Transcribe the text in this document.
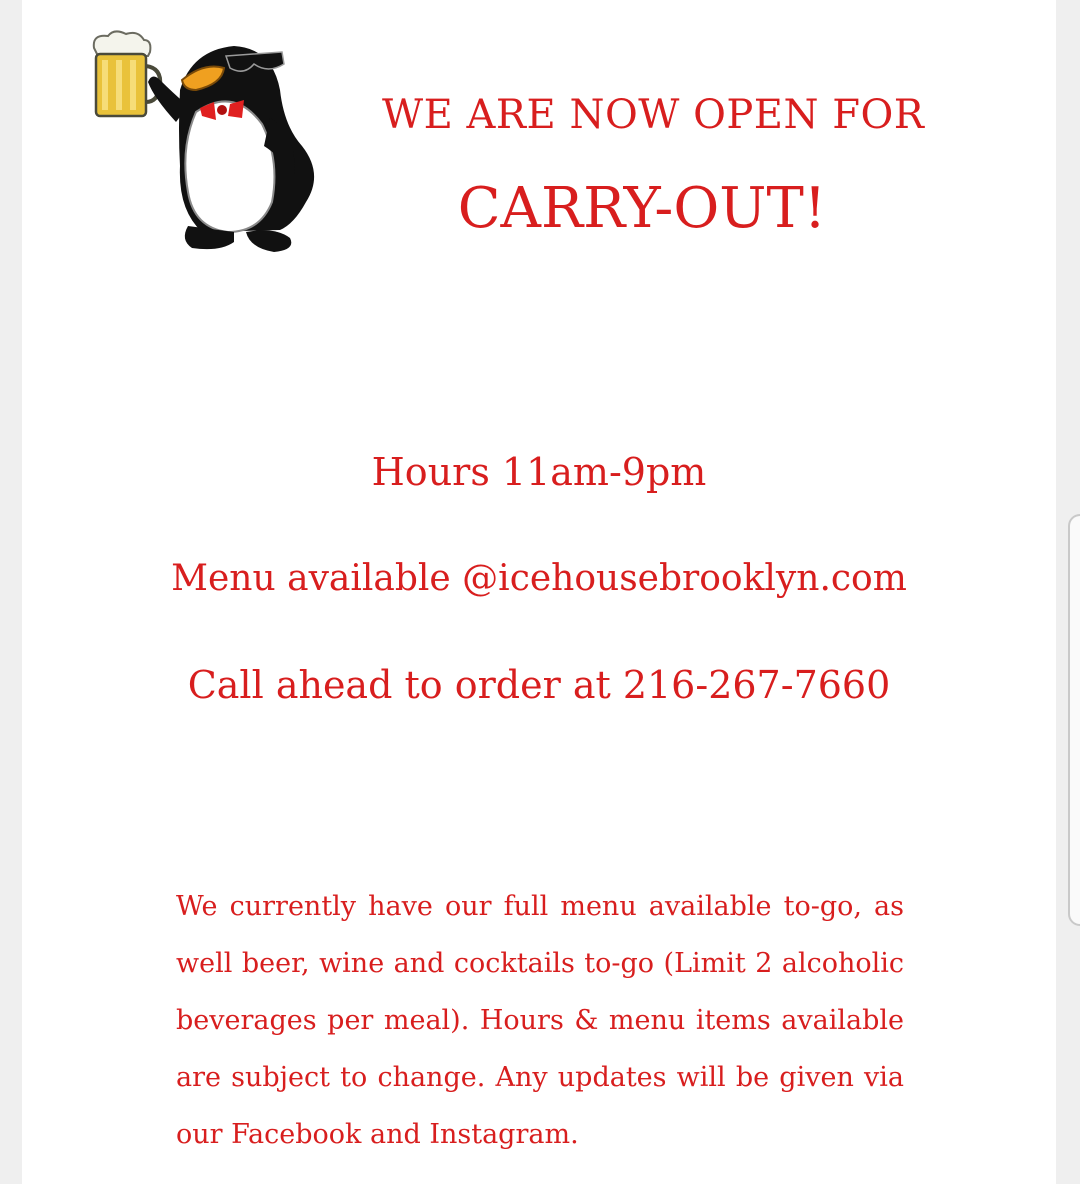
WE ARE NOW OPEN FOR
CARRY-OUT!
Hours 11am-9pm
Menu available @icehousebrooklyn.com
Call ahead to order at 216-267-7660
We currently have our full menu available to-go, as well beer, wine and cocktails to-go (Limit 2 alcoholic beverages per meal). Hours & menu items available are subject to change. Any updates will be given via our Facebook and Instagram.
